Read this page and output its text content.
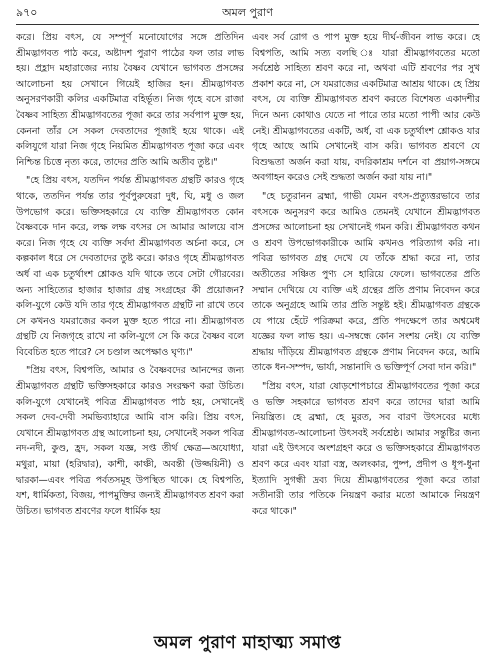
৯৭০	অমল পুরাণ

করে। প্রিয় বৎস, যে সম্পূর্ণ মনোযোগের সঙ্গে প্রতিদিন শ্রীমদ্ভাগবত পাঠ করে, অষ্টাদশ পুরাণ পাঠের ফল তার লাভ হয়। প্রহ্লাদ মহারাজের ন্যায় বৈষ্ণব যেখানে ভাগবত প্রসঙ্গের আলোচনা হয় সেখানে গিয়েই হাজির হন। শ্রীমদ্ভাগবত অনুসরণকারী কলির একটিমাত্র বহির্ভূত। নিজ গৃহে বসে রাজা বৈষ্ণব সাহিত্য শ্রীমদ্ভাগবতের পূজা করে তার সর্বপাপ মুক্ত হয়, কেননা তাঁর সে সকল দেবতাদের পূজাই হয়ে থাকে। এই কলিযুগে যারা নিজ গৃহে নিয়মিত শ্রীমদ্ভাগবত পূজা করে এবং নিশ্চিন্ত চিত্তে নৃত্য করে, তাদের প্রতি আমি অতীব তুষ্ট।"

"হে প্রিয় বৎস, যতদিন পর্যন্ত শ্রীমদ্ভাগবত গ্রন্থটি কারও গৃহে থাকে, ততদিন পর্যন্ত তার পূর্বপুরুষেরা দুধ, ঘি, মধু ও জল উপভোগ করে। ভক্তিসহকারে যে ব্যক্তি শ্রীমদ্ভাগবত কোন বৈষ্ণবকে দান করে, লক্ষ লক্ষ বৎসর সে আমার আলয়ে বাস করে। নিজ গৃহে যে ব্যক্তি সর্বদা শ্রীমদ্ভাগবত অর্চনা করে, সে কল্পকাল ধরে সে দেবতাদের তুষ্ট করে। কারও গৃহে শ্রীমদ্ভাগবত অর্ধ বা এক চতুর্থাংশ শ্লোকও যদি থাকে তবে সেটা গৌরবের। অন্য সাহিত্যের হাজার হাজার গ্রন্থ সংগ্রহের কী প্রয়োজন? কলি-যুগে কেউ যদি তার গৃহে শ্রীমদ্ভাগবত গ্রন্থটি না রাখে তবে সে কখনও যমরাজের কবল মুক্ত হতে পারে না। শ্রীমদ্ভাগবত গ্রন্থটি যে নিজগৃহে রাখে না কলি-যুগে সে কি করে বৈষ্ণব বলে বিবেচিত হতে পারে? সে চণ্ডাল অপেক্ষাও ঘৃণ্য।"

"প্রিয় বৎস, বিশ্বপতি, আমার ও বৈষ্ণবদের আনন্দের জন্য শ্রীমদ্ভাগবত গ্রন্থটি ভক্তিসহকারে কারও সংরক্ষণ করা উচিত। কলি-যুগে যেখানেই পবিত্র শ্রীমদ্ভাগবত পাঠ হয়, সেখানেই সকল দেব-দেবী সমভিব্যাহারে আমি বাস করি। প্রিয় বৎস, যেখানে শ্রীমদ্ভাগবত গ্রন্থ আলোচনা হয়, সেখানেই সকল পবিত্র নদ-নদী, কুণ্ড, হ্রদ, সকল যজ্ঞ, সপ্ত তীর্থ ক্ষেত্র—অযোধ্যা, মথুরা, মায়া (হরিদ্বার), কাশী, কাঞ্চী, অবন্তী (উজ্জয়িনী) ও দ্বারকা—এবং পবিত্র পর্বতসমূহ উপস্থিত থাকে। হে বিশ্বপতি, যশ, ধার্মিকতা, বিজয়, পাপমুক্তির জন্যই শ্রীমদ্ভাগবত শ্রবণ করা উচিত। ভাগবত শ্রবণের ফলে ধার্মিক হয়

এবং সর্ব রোগ ও পাপ মুক্ত হয়ে দীর্ঘ-জীবন লাভ করে। হে বিশ্বপতি, আমি সত্য বলছি ঃ যারা শ্রীমদ্ভাগবতের মতো সর্বশ্রেষ্ঠ সাহিত্য শ্রবণ করে না, অথবা এটি শ্রবণের পর সুখ প্রকাশ করে না, সে যমরাজের একটিমাত্র আশ্রয় থাকে। হে প্রিয় বৎস, যে ব্যক্তি শ্রীমদ্ভাগবত শ্রবণ করতে বিশেষত একাদশীর দিনে অন্য কোথাও যেতে না পারে তার মতো পাপী আর কেউ নেই। শ্রীমদ্ভাগবতের একটি, অর্ধ, বা এক চতুর্থাংশ শ্লোকও যার গৃহে আছে আমি সেখানেই বাস করি। ভাগবত শ্রবণে যে বিশুদ্ধতা অর্জন করা যায়, বদরিকাশ্রম দর্শনে বা প্রয়াগ-সঙ্গমে অবগাহন করেও সেই শুদ্ধতা অর্জন করা যায় না।"

"হে চতুরানন ব্রহ্মা, গাভী যেমন বৎস-প্রত্যুত্তরভাবে তার বৎসকে অনুসরণ করে আমিও তেমনই যেখানে শ্রীমদ্ভাগবত প্রসঙ্গের আলোচনা হয় সেখানেই গমন করি। শ্রীমদ্ভাগবত কথন ও শ্রবণ উপভোগকারীকে আমি কখনও পরিত্যাগ করি না। পবিত্র ভাগবত গ্রন্থ দেখে যে তাঁকে শ্রদ্ধা করে না, তার অতীতের সঞ্চিত পুণ্য সে হারিয়ে ফেলে। ভাগবতের প্রতি সম্মান দেখিয়ে যে ব্যক্তি এই গ্রন্থের প্রতি প্রণাম নিবেদন করে তাকে অনুগ্রহে আমি তার প্রতি সন্তুষ্ট হই। শ্রীমদ্ভাগবত গ্রন্থকে যে পায়ে হেঁটে পরিক্রমা করে, প্রতি পদক্ষেপে তার অশ্বমেধ যজ্ঞের ফল লাভ হয়। এ-সম্বন্ধে কোন সংশয় নেই। যে ব্যক্তি শ্রদ্ধায় দাঁড়িয়ে শ্রীমদ্ভাগবত গ্রন্থকে প্রণাম নিবেদন করে, আমি তাকে ধন-সম্পদ, ভার্যা, সন্তানাদি ও ভক্তিপূর্ণ সেবা দান করি।"

"প্রিয় বৎস, যারা ষোড়শোপচারে শ্রীমদ্ভাগবতের পূজা করে ও ভক্তি সহকারে ভাগবত শ্রবণ করে তাদের দ্বারা আমি নিয়ন্ত্রিত। হে ব্রহ্মা, হে মুরত, সব বারণ উৎসবের মধ্যে শ্রীমদ্ভাগবত-আলোচনা উৎসবই সর্বশ্রেষ্ঠ। আমার সন্তুষ্টির জন্য যারা এই উৎসবে অংশগ্রহণ করে ও ভক্তিসহকারে শ্রীমদ্ভাগবত শ্রবণ করে এবং যারা বস্ত্র, অলংকার, পুষ্প, প্রদীপ ও ধূপ-ধুনা ইত্যাদি সুগন্ধী দ্রব্য দিয়ে শ্রীমদ্ভাগবতের পূজা করে তারা সতীনারী তার পতিকে নিয়ন্ত্রণ করার মতো আমাকে নিয়ন্ত্রণ করে থাকে।"

অমল পুরাণ মাহাত্ম্য সমাপ্ত
